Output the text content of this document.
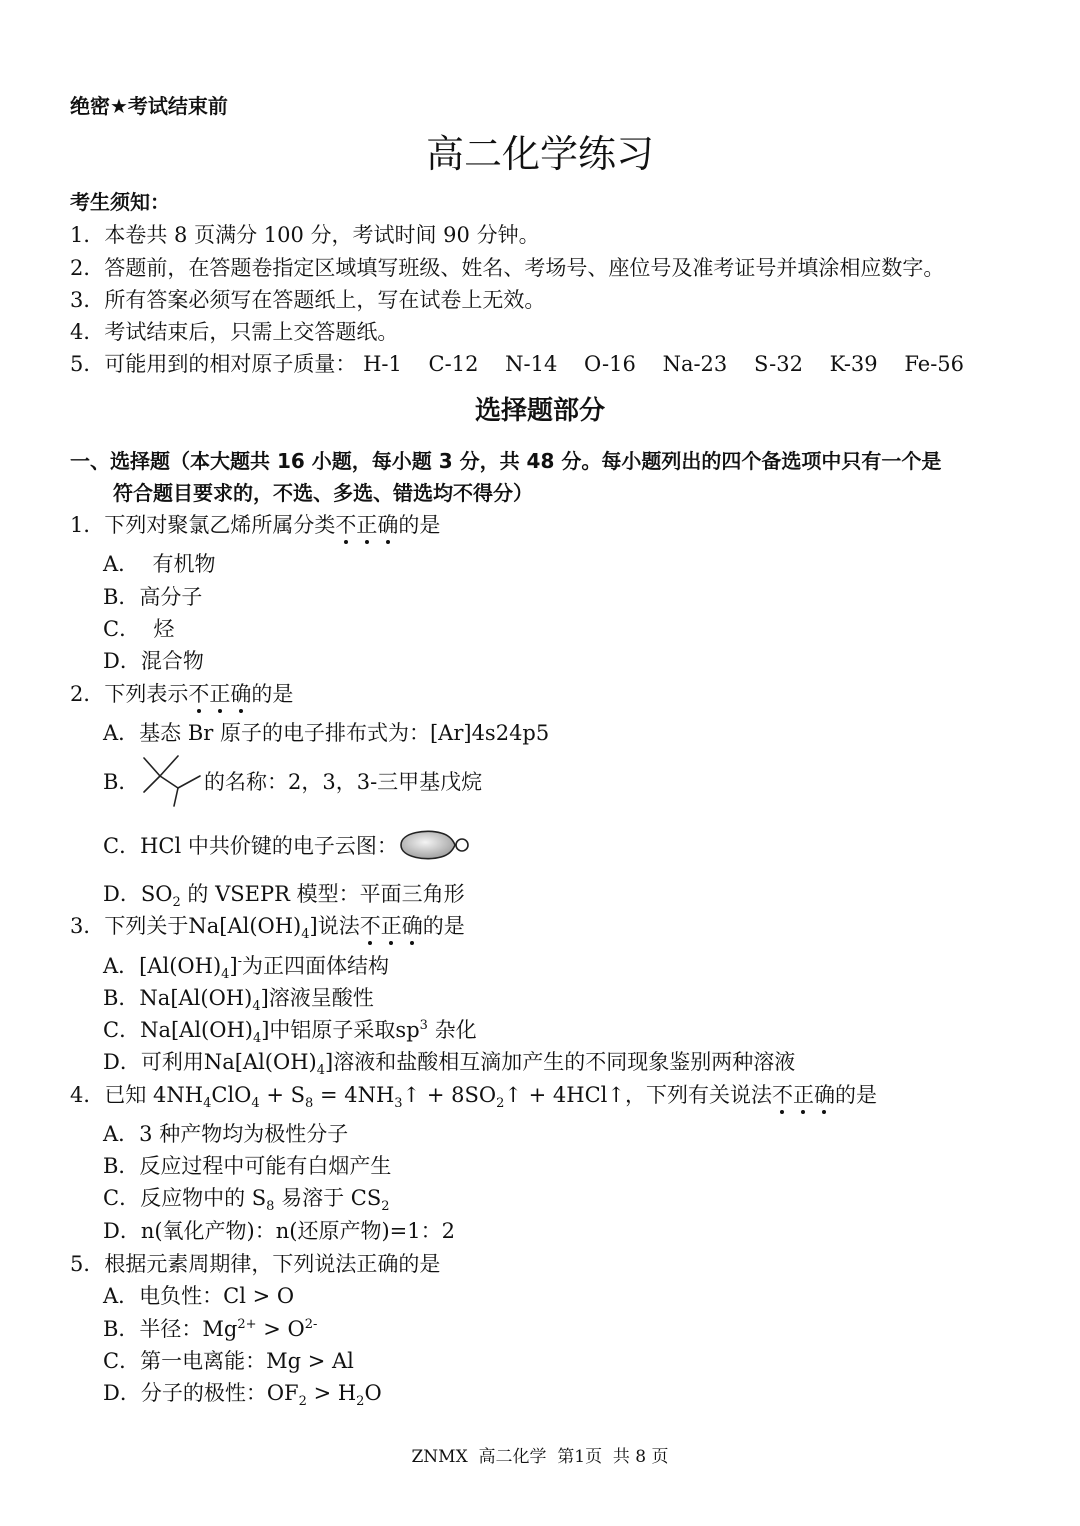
绝密★考试结束前
高二化学练习
考生须知：
1．本卷共 8 页满分 100 分，考试时间 90 分钟。
2．答题前，在答题卷指定区域填写班级、姓名、考场号、座位号及准考证号并填涂相应数字。
3．所有答案必须写在答题纸上，写在试卷上无效。
4．考试结束后，只需上交答题纸。
5．可能用到的相对原子质量： H-1 C-12 N-14 O-16 Na-23 S-32 K-39 Fe-56
选择题部分
一、选择题（本大题共 16 小题，每小题 3 分，共 48 分。每小题列出的四个备选项中只有一个是
符合题目要求的，不选、多选、错选均不得分）
1．下列对聚氯乙烯所属分类不正确的是
A．  有机物
B．高分子
C．  烃
D．混合物
2．下列表示不正确的是
A．基态 Br 原子的电子排布式为：[Ar]4s24p5
B．	的名称：2，3，3-三甲基戊烷
C．HCl 中共价键的电子云图：
D．$SO_2$ 的 VSEPR 模型：平面三角形
3．下列关于$Na[Al(OH)_4]$说法不正确的是
A．$[Al(OH)_4]^-$为正四面体结构
B．$Na[Al(OH)_4]$溶液呈酸性
C．$Na[Al(OH)_4]$中铝原子采取$sp^3$ 杂化
D．可利用$Na[Al(OH)_4]$溶液和盐酸相互滴加产生的不同现象鉴别两种溶液
4．已知 $4NH_4ClO_4 + S_8$ = $4NH_3↑$ + $8SO_2↑$ + 4HCl↑，下列有关说法不正确的是
A．3 种产物均为极性分子
B．反应过程中可能有白烟产生
C．反应物中的 $S_8$ 易溶于 $CS_2$
D．n(氧化产物)：n(还原产物)=1：2
5．根据元素周期律，下列说法正确的是
A．电负性：Cl > O
B．半径：$Mg^{2+} > O^{2-}$
C．第一电离能：Mg > Al
D．分子的极性：$OF_2 > H_2O$
ZNMX  高二化学  第1页  共 8 页
